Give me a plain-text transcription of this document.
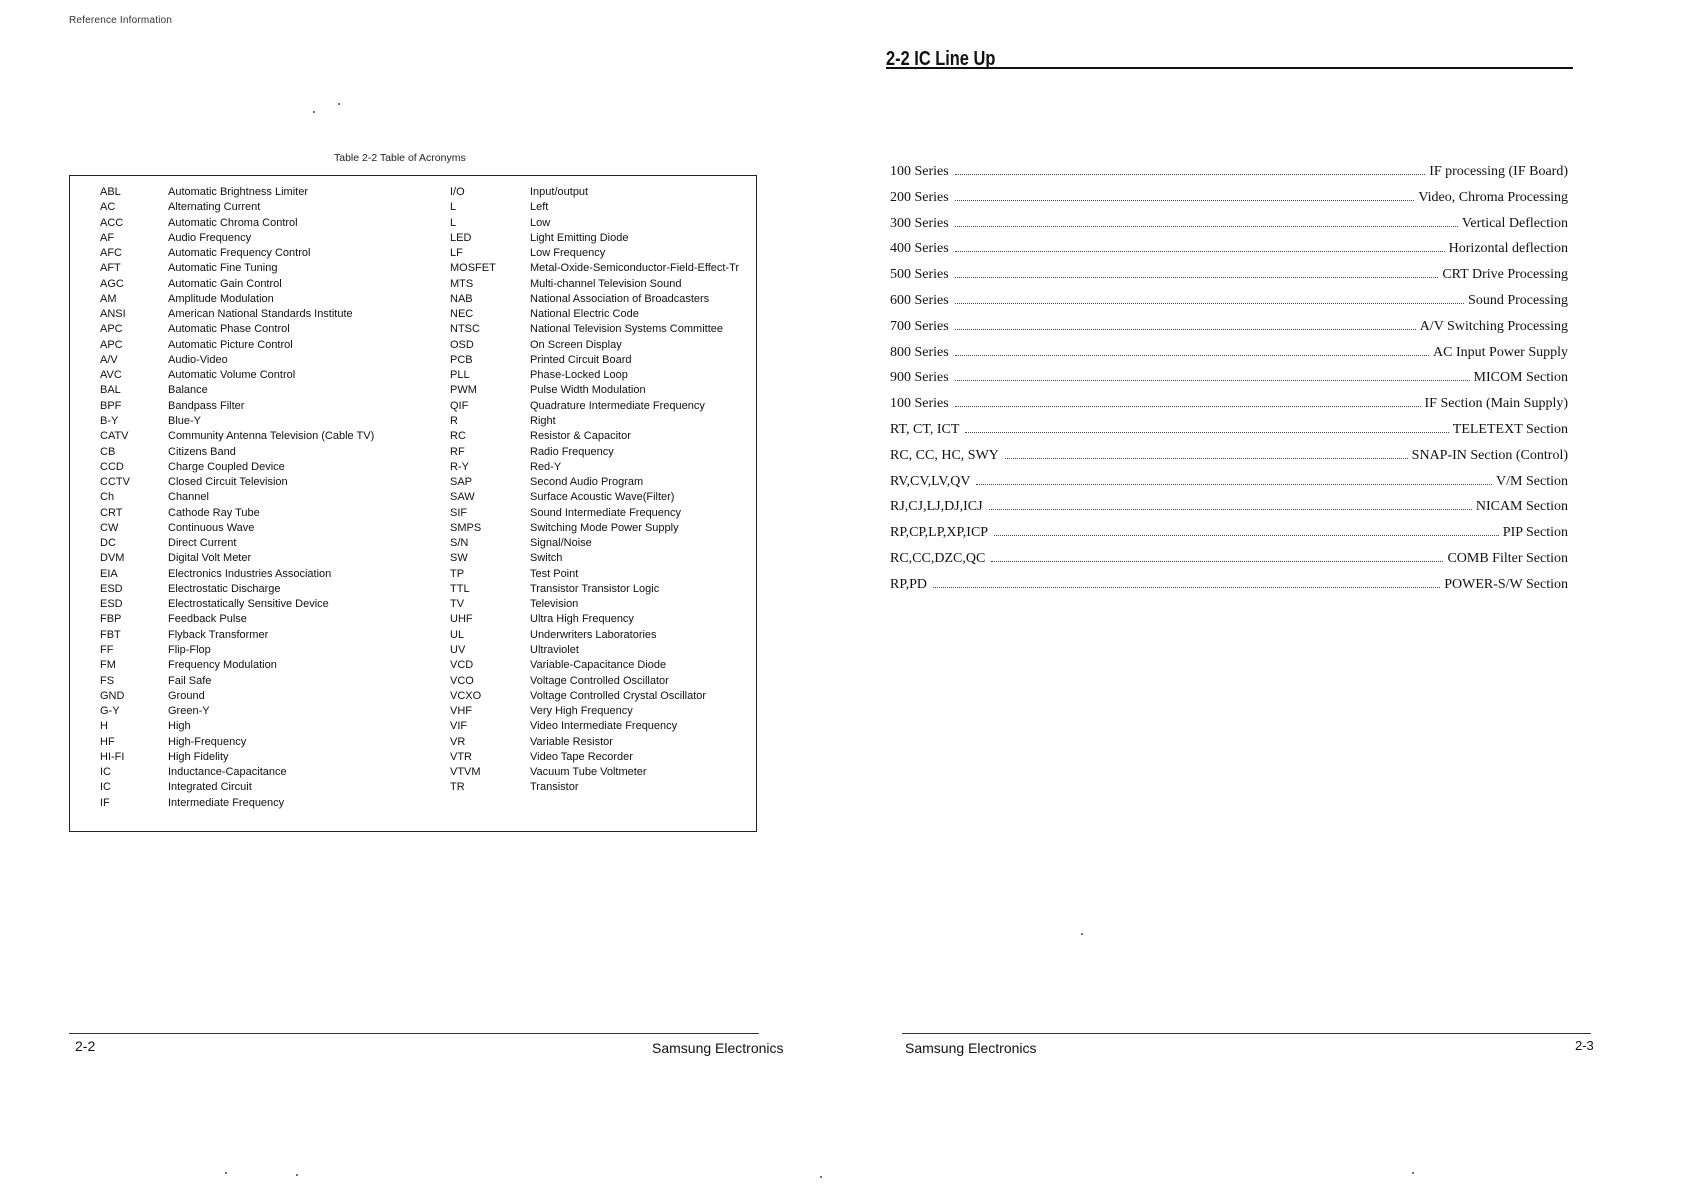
Reference Information
Table 2-2 Table of Acronyms
ABL	Automatic Brightness Limiter
AC	Alternating Current
ACC	Automatic Chroma Control
AF	Audio Frequency
AFC	Automatic Frequency Control
AFT	Automatic Fine Tuning
AGC	Automatic Gain Control
AM	Amplitude Modulation
ANSI	American National Standards Institute
APC	Automatic Phase Control
APC	Automatic Picture Control
A/V	Audio-Video
AVC	Automatic Volume Control
BAL	Balance
BPF	Bandpass Filter
B-Y	Blue-Y
CATV	Community Antenna Television (Cable TV)
CB	Citizens Band
CCD	Charge Coupled Device
CCTV	Closed Circuit Television
Ch	Channel
CRT	Cathode Ray Tube
CW	Continuous Wave
DC	Direct Current
DVM	Digital Volt Meter
EIA	Electronics Industries Association
ESD	Electrostatic Discharge
ESD	Electrostatically Sensitive Device
FBP	Feedback Pulse
FBT	Flyback Transformer
FF	Flip-Flop
FM	Frequency Modulation
FS	Fail Safe
GND	Ground
G-Y	Green-Y
H	High
HF	High-Frequency
HI-FI	High Fidelity
IC	Inductance-Capacitance
IC	Integrated Circuit
IF	Intermediate Frequency
I/O	Input/output
L	Left
L	Low
LED	Light Emitting Diode
LF	Low Frequency
MOSFET	Metal-Oxide-Semiconductor-Field-Effect-Tr
MTS	Multi-channel Television Sound
NAB	National Association of Broadcasters
NEC	National Electric Code
NTSC	National Television Systems Committee
OSD	On Screen Display
PCB	Printed Circuit Board
PLL	Phase-Locked Loop
PWM	Pulse Width Modulation
QIF	Quadrature Intermediate Frequency
R	Right
RC	Resistor & Capacitor
RF	Radio Frequency
R-Y	Red-Y
SAP	Second Audio Program
SAW	Surface Acoustic Wave(Filter)
SIF	Sound Intermediate Frequency
SMPS	Switching Mode Power Supply
S/N	Signal/Noise
SW	Switch
TP	Test Point
TTL	Transistor Transistor Logic
TV	Television
UHF	Ultra High Frequency
UL	Underwriters Laboratories
UV	Ultraviolet
VCD	Variable-Capacitance Diode
VCO	Voltage Controlled Oscillator
VCXO	Voltage Controlled Crystal Oscillator
VHF	Very High Frequency
VIF	Video Intermediate Frequency
VR	Variable Resistor
VTR	Video Tape Recorder
VTVM	Vacuum Tube Voltmeter
TR	Transistor
2-2	Samsung Electronics
2-2 IC Line Up
100 Series	IF processing (IF Board)
200 Series	Video, Chroma Processing
300 Series	Vertical Deflection
400 Series	Horizontal deflection
500 Series	CRT Drive Processing
600 Series	Sound Processing
700 Series	A/V Switching Processing
800 Series	AC Input Power Supply
900 Series	MICOM Section
100 Series	IF Section (Main Supply)
RT, CT, ICT	TELETEXT Section
RC, CC, HC, SWY	SNAP-IN Section (Control)
RV,CV,LV,QV	V/M Section
RJ,CJ,LJ,DJ,ICJ	NICAM Section
RP,CP,LP,XP,ICP	PIP Section
RC,CC,DZC,QC	COMB Filter Section
RP,PD	POWER-S/W Section
Samsung Electronics	2-3
